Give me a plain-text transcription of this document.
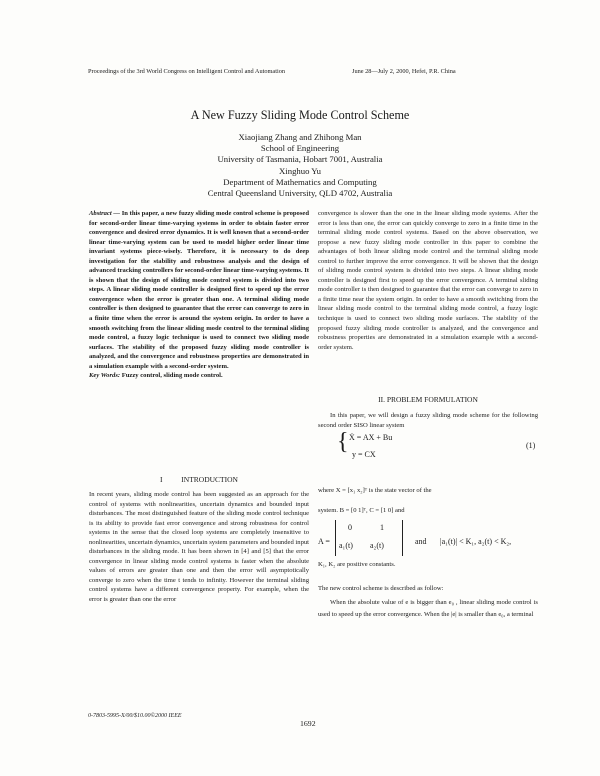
Proceedings of the 3rd World Congress on Intelligent Control and Automation	June 28—July 2, 2000, Hefei, P.R. China
A New Fuzzy Sliding Mode Control Scheme
Xiaojiang Zhang and Zhihong Man
School of Engineering
University of Tasmania, Hobart 7001, Australia
Xinghuo Yu
Department of Mathematics and Computing
Central Queensland University, QLD 4702, Australia

Abstract — In this paper, a new fuzzy sliding mode control scheme is proposed for second-order linear time-varying systems in order to obtain faster error convergence and desired error dynamics. It is well known that a second-order linear time-varying system can be used to model higher order linear time invariant systems piece-wisely. Therefore, it is necessary to do deep investigation for the stability and robustness analysis and the design of advanced tracking controllers for second-order linear time-varying systems. It is shown that the design of sliding mode control system is divided into two steps. A linear sliding mode controller is designed first to speed up the error convergence when the error is greater than one. A terminal sliding mode controller is then designed to guarantee that the error can converge to zero in a finite time when the error is around the system origin. In order to have a smooth switching from the linear sliding mode control to the terminal sliding mode control, a fuzzy logic technique is used to connect two sliding mode surfaces. The stability of the proposed fuzzy sliding mode controller is analyzed, and the convergence and robustness properties are demonstrated in a simulation example with a second-order system.

Key Words: Fuzzy control, sliding mode control.

I	INTRODUCTION

In recent years, sliding mode control has been suggested as an approach for the control of systems with nonlinearities, uncertain dynamics and bounded input disturbances. The most distinguished feature of the sliding mode control technique is its ability to provide fast error convergence and strong robustness for control systems in the sense that the closed loop systems are completely insensitive to nonlinearities, uncertain dynamics, uncertain system parameters and bounded input disturbances in the sliding mode. It has been shown in [4] and [5] that the error convergence in linear sliding mode control systems is faster when the absolute values of errors are greater than one and then the error will asymptotically converge to zero when the time t tends to infinity. However the terminal sliding control systems have a different convergence property. For example, when the error is greater than one the error

convergence is slower than the one in the linear sliding mode systems. After the error is less than one, the error can quickly converge to zero in a finite time in the terminal sliding mode control systems. Based on the above observation, we propose a new fuzzy sliding mode controller in this paper to combine the advantages of both linear sliding mode control and the terminal sliding mode control to further improve the error convergence. It will be shown that the design of sliding mode control system is divided into two steps. A linear sliding mode controller is designed first to speed up the error convergence. A terminal sliding mode controller is then designed to guarantee that the error can converge to zero in a finite time near the system origin. In order to have a smooth switching from the linear sliding mode control to the terminal sliding mode control, a fuzzy logic technique is used to connect two sliding mode surfaces. The stability of the proposed fuzzy sliding mode controller is analyzed, and the convergence and robustness properties are demonstrated in a simulation example with a second-order system.

II. PROBLEM FORMULATION

In this paper, we will design a fuzzy sliding mode scheme for the following second order SISO linear system

{ Ẋ = AX + Bu
y = CX
(1)
where X = [x₁ x₂]ᵀ is the state vector of the
system. B = [0 1]ᵀ, C = [1 0] and
A =
0	1
a₁(t) a₂(t)	and |a₁(t)| < K₁, a₂(t) < K₂,
K₁, K₂ are positive constants.
The new control scheme is described as follow:

When the absolute value of e is bigger than e₀ , linear sliding mode control is used to speed up the error convergence. When the |e| is smaller than e₀, a terminal

0-7803-5995-X/00/$10.00©2000 IEEE
1692
